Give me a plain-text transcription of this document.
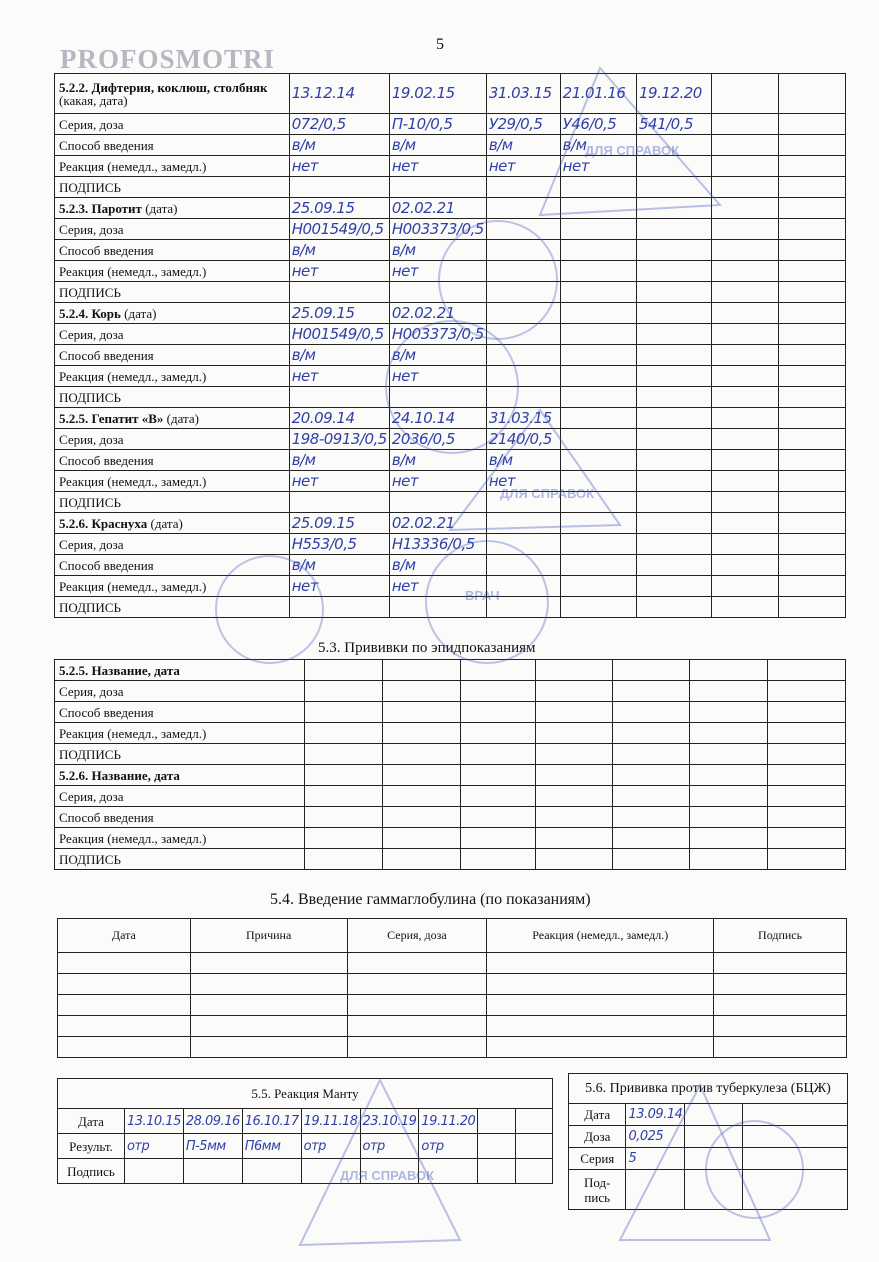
PROFOSMOTRI	5
5.2.2. Дифтерия, коклюш, столбняк (какая, дата)	13.12.14	19.02.15	31.03.15	21.01.16	19.12.20		
Серия, доза	072/0,5	П-10/0,5	У29/0,5	У46/0,5	541/0,5		
Способ введения	в/м	в/м	в/м	в/м			
Реакция (немедл., замедл.)	нет	нет	нет	нет			
ПОДПИСЬ							
5.2.3. Паротит (дата)	25.09.15	02.02.21					
Серия, доза	Н001549/0,5	Н003373/0,5					
Способ введения	в/м	в/м					
Реакция (немедл., замедл.)	нет	нет					
ПОДПИСЬ							
5.2.4. Корь (дата)	25.09.15	02.02.21					
Серия, доза	Н001549/0,5	Н003373/0,5					
Способ введения	в/м	в/м					
Реакция (немедл., замедл.)	нет	нет					
ПОДПИСЬ							
5.2.5. Гепатит «В» (дата)	20.09.14	24.10.14	31.03.15				
Серия, доза	198-0913/0,5	2036/0,5	2140/0,5				
Способ введения	в/м	в/м	в/м				
Реакция (немедл., замедл.)	нет	нет	нет				
ПОДПИСЬ							
5.2.6. Краснуха (дата)	25.09.15	02.02.21					
Серия, доза	Н553/0,5	Н13336/0,5					
Способ введения	в/м	в/м					
Реакция (немедл., замедл.)	нет	нет					
ПОДПИСЬ							
5.3. Прививки по эпидпоказаниям
5.2.5. Название, дата							
Серия, доза							
Способ введения							
Реакция (немедл., замедл.)							
ПОДПИСЬ							
5.2.6. Название, дата							
Серия, доза							
Способ введения							
Реакция (немедл., замедл.)							
ПОДПИСЬ							
5.4. Введение гаммаглобулина (по показаниям)
Дата	Причина	Серия, доза	Реакция (немедл., замедл.)	Подпись

5.5. Реакция Манту								
Дата	13.10.15	28.09.16	16.10.17	19.11.18	23.10.19	19.11.20		
Результ.	отр	П-5мм	П6мм	отр	отр	отр		
Подпись								
5.6. Прививка против туберкулеза (БЦЖ)			
Дата	13.09.14		
Доза	0,025		
Серия	5		
Под-пись			
ДЛЯ СПРАВОК
ДЛЯ СПРАВОК
ДЛЯ СПРАВОК
ВРАЧ
